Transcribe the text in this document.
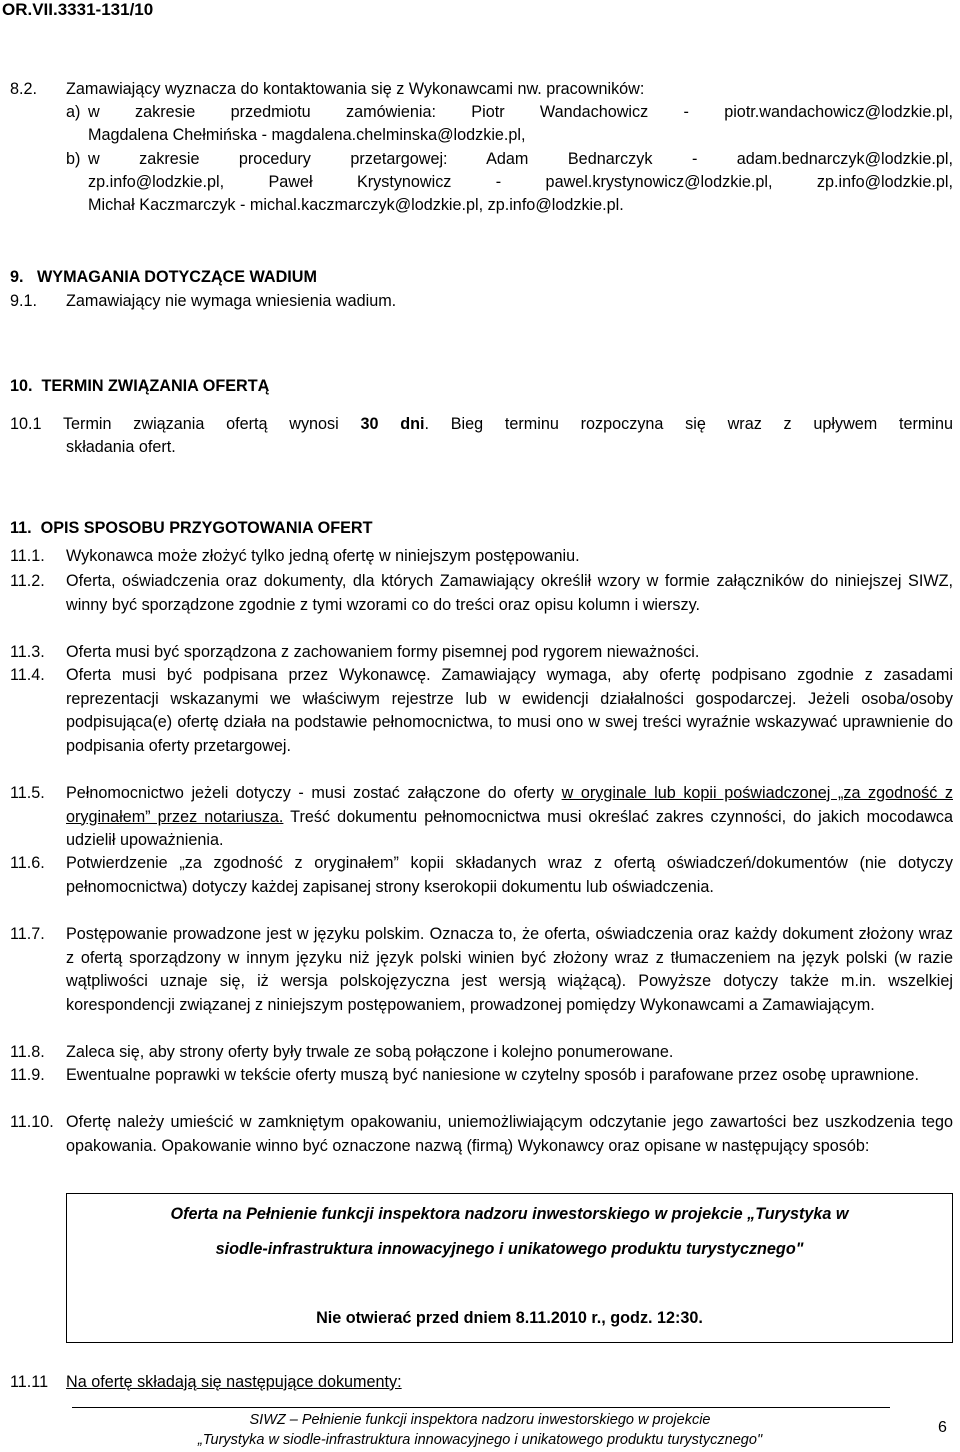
OR.VII.3331-131/10
8.2. Zamawiający wyznacza do kontaktowania się z Wykonawcami nw. pracowników:
a) w zakresie przedmiotu zamówienia: Piotr Wandachowicz - piotr.wandachowicz@lodzkie.pl,
Magdalena Chełmińska - magdalena.chelminska@lodzkie.pl,
b) w zakresie procedury przetargowej: Adam Bednarczyk - adam.bednarczyk@lodzkie.pl,
zp.info@lodzkie.pl, Paweł Krystynowicz - pawel.krystynowicz@lodzkie.pl, zp.info@lodzkie.pl,
Michał Kaczmarczyk - michal.kaczmarczyk@lodzkie.pl, zp.info@lodzkie.pl.
9.   WYMAGANIA DOTYCZĄCE WADIUM
9.1. Zamawiający nie wymaga wniesienia wadium.
10.  TERMIN ZWIĄZANIA OFERTĄ
10.1 Termin związania ofertą wynosi 30 dni. Bieg terminu rozpoczyna się wraz z upływem terminu
składania ofert.
11.  OPIS SPOSOBU PRZYGOTOWANIA OFERT
11.1. Wykonawca może złożyć tylko jedną ofertę w niniejszym postępowaniu.
11.2. Oferta, oświadczenia oraz dokumenty, dla których Zamawiający określił wzory w formie załączników do niniejszej SIWZ, winny być sporządzone zgodnie z tymi wzorami co do treści oraz opisu kolumn i wierszy.
11.3. Oferta musi być sporządzona z zachowaniem formy pisemnej pod rygorem nieważności.
11.4. Oferta musi być podpisana przez Wykonawcę. Zamawiający wymaga, aby ofertę podpisano zgodnie z zasadami reprezentacji wskazanymi we właściwym rejestrze lub w ewidencji działalności gospodarczej. Jeżeli osoba/osoby podpisująca(e) ofertę działa na podstawie pełnomocnictwa, to musi ono w swej treści wyraźnie wskazywać uprawnienie do podpisania oferty przetargowej.
11.5. Pełnomocnictwo jeżeli dotyczy - musi zostać załączone do oferty w oryginale lub kopii poświadczonej „za zgodność z oryginałem” przez notariusza. Treść dokumentu pełnomocnictwa musi określać zakres czynności, do jakich mocodawca udzielił upoważnienia.
11.6. Potwierdzenie „za zgodność z oryginałem” kopii składanych wraz z ofertą oświadczeń/dokumentów (nie dotyczy pełnomocnictwa) dotyczy każdej zapisanej strony kserokopii dokumentu lub oświadczenia.
11.7. Postępowanie prowadzone jest w języku polskim. Oznacza to, że oferta, oświadczenia oraz każdy dokument złożony wraz z ofertą sporządzony w innym języku niż język polski winien być złożony wraz z tłumaczeniem na język polski (w razie wątpliwości uznaje się, iż wersja polskojęzyczna jest wersją wiążącą). Powyższe dotyczy także m.in. wszelkiej korespondencji związanej z niniejszym postępowaniem, prowadzonej pomiędzy Wykonawcami a Zamawiającym.
11.8. Zaleca się, aby strony oferty były trwale ze sobą połączone i kolejno ponumerowane.
11.9. Ewentualne poprawki w tekście oferty muszą być naniesione w czytelny sposób i parafowane przez osobę uprawnione.
11.10. Ofertę należy umieścić w zamkniętym opakowaniu, uniemożliwiającym odczytanie jego zawartości bez uszkodzenia tego opakowania. Opakowanie winno być oznaczone nazwą (firmą) Wykonawcy oraz opisane w następujący sposób:
Oferta na Pełnienie funkcji inspektora nadzoru inwestorskiego w projekcie „Turystyka w
siodle-infrastruktura innowacyjnego i unikatowego produktu turystycznego"
Nie otwierać przed dniem 8.11.2010 r., godz. 12:30.
11.11 Na ofertę składają się następujące dokumenty:
SIWZ – Pełnienie funkcji inspektora nadzoru inwestorskiego w projekcie
„Turystyka w siodle-infrastruktura innowacyjnego i unikatowego produktu turystycznego"
6
